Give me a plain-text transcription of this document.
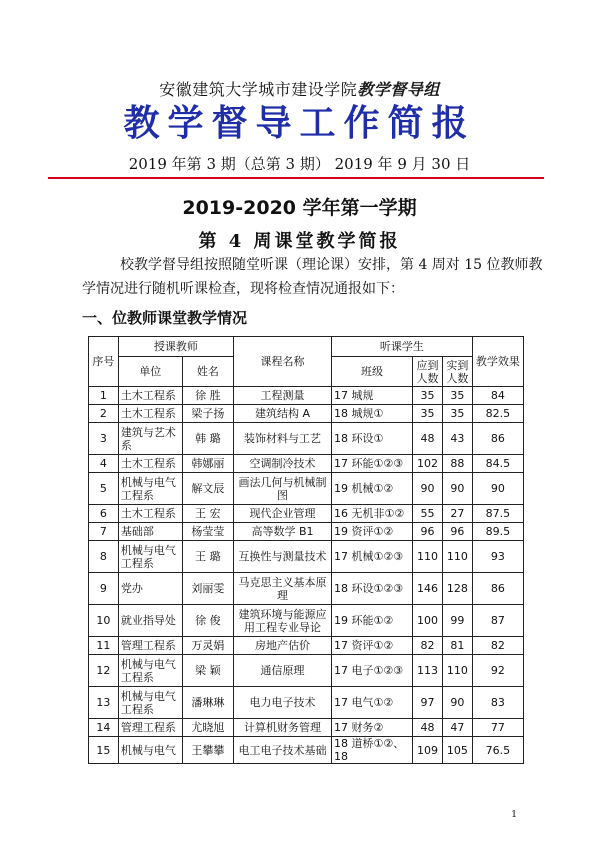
安徽建筑大学城市建设学院教学督导组
教学督导工作简报
2019 年第 3 期（总第 3 期） 2019 年 9 月 30 日
2019-2020 学年第一学期
第 4 周课堂教学简报
校教学督导组按照随堂听课（理论课）安排，第 4 周对 15 位教师教学情况进行随机听课检查，现将检查情况通报如下：
一、位教师课堂教学情况
序号	授课教师		课程名称	听课学生			教学效果
	单位	姓名		班级	应到人数	实到人数	
1	土木工程系	徐 胜	工程测量	17 城规	35	35	84
2	土木工程系	梁子扬	建筑结构 A	18 城规①	35	35	82.5
3	建筑与艺术系	韩 璐	装饰材料与工艺	18 环设①	48	43	86
4	土木工程系	韩娜丽	空调制冷技术	17 环能①②③	102	88	84.5
5	机械与电气工程系	解文辰	画法几何与机械制图	19 机械①②	90	90	90
6	土木工程系	王 宏	现代企业管理	16 无机非①②	55	27	87.5
7	基础部	杨莹莹	高等数学 B1	19 资评①②	96	96	89.5
8	机械与电气工程系	王 璐	互换性与测量技术	17 机械①②③	110	110	93
9	党办	刘丽雯	马克思主义基本原理	18 环设①②③	146	128	86
10	就业指导处	徐 俊	建筑环境与能源应用工程专业导论	19 环能①②	100	99	87
11	管理工程系	万灵娟	房地产估价	17 资评①②	82	81	82
12	机械与电气工程系	梁 颖	通信原理	17 电子①②③	113	110	92
13	机械与电气工程系	潘琳琳	电力电子技术	17 电气①②	97	90	83
14	管理工程系	尤晓旭	计算机财务管理	17 财务②	48	47	77
15	机械与电气	王攀攀	电工电子技术基础	18 道桥①②、18	109	105	76.5
1
